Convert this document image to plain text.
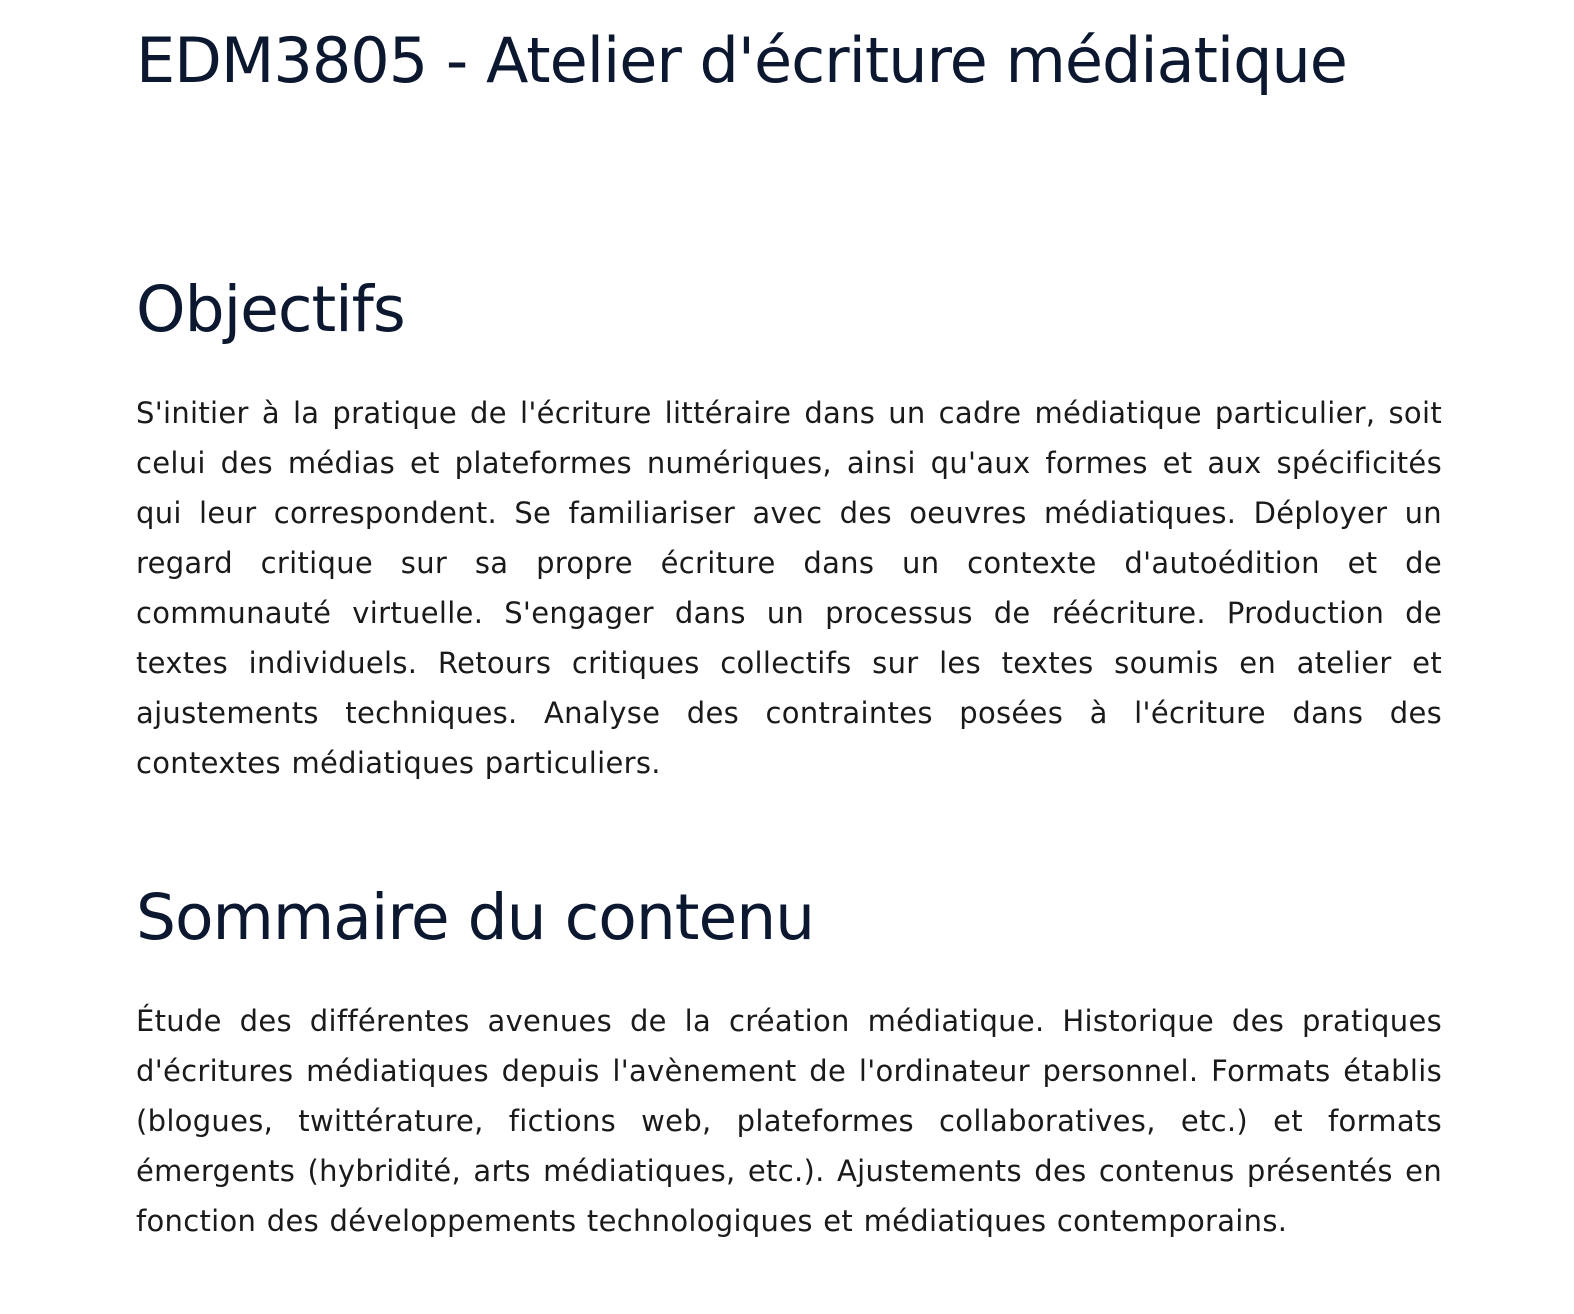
EDM3805 - Atelier d'écriture médiatique
Objectifs

S'initier à la pratique de l'écriture littéraire dans un cadre médiatique particulier, soit celui des médias et plateformes numériques, ainsi qu'aux formes et aux spécificités qui leur correspondent. Se familiariser avec des oeuvres médiatiques. Déployer un regard critique sur sa propre écriture dans un contexte d'autoédition et de communauté virtuelle. S'engager dans un processus de réécriture. Production de textes individuels. Retours critiques collectifs sur les textes soumis en atelier et ajustements techniques. Analyse des contraintes posées à l'écriture dans des contextes médiatiques particuliers.

Sommaire du contenu

Étude des différentes avenues de la création médiatique. Historique des pratiques d'écritures médiatiques depuis l'avènement de l'ordinateur personnel. Formats établis (blogues, twittérature, fictions web, plateformes collaboratives, etc.) et formats émergents (hybridité, arts médiatiques, etc.). Ajustements des contenus présentés en fonction des développements technologiques et médiatiques contemporains.
